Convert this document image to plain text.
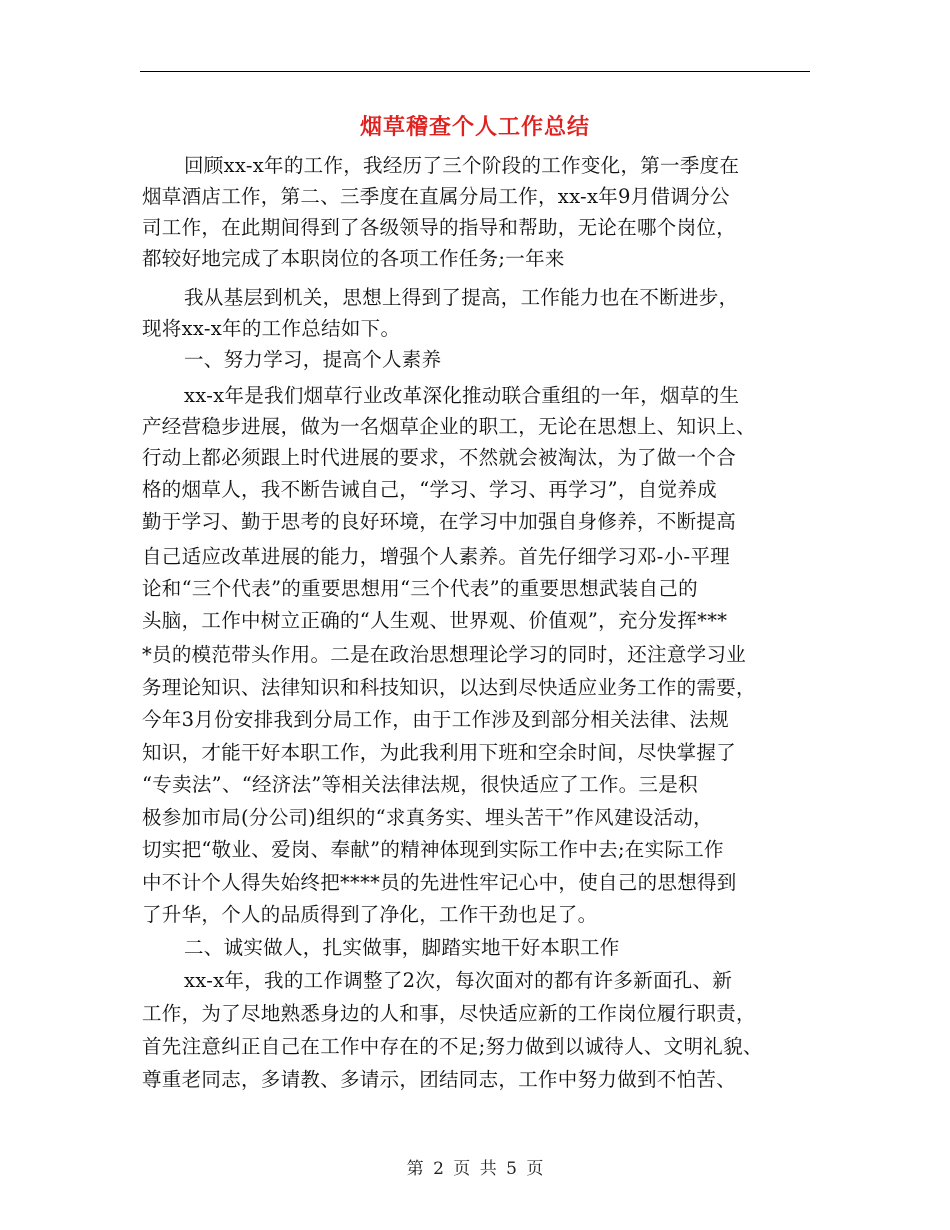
烟草稽查个人工作总结
回顾xx-x年的工作，我经历了三个阶段的工作变化，第一季度在
烟草酒店工作，第二、三季度在直属分局工作，xx-x年9月借调分公
司工作，在此期间得到了各级领导的指导和帮助，无论在哪个岗位，
都较好地完成了本职岗位的各项工作任务;一年来
我从基层到机关，思想上得到了提高，工作能力也在不断进步，
现将xx-x年的工作总结如下。
一、努力学习，提高个人素养
xx-x年是我们烟草行业改革深化推动联合重组的一年，烟草的生
产经营稳步进展，做为一名烟草企业的职工，无论在思想上、知识上、
行动上都必须跟上时代进展的要求，不然就会被淘汰，为了做一个合
格的烟草人，我不断告诫自己，“学习、学习、再学习”，自觉养成
勤于学习、勤于思考的良好环境，在学习中加强自身修养，不断提高
自己适应改革进展的能力，增强个人素养。首先仔细学习邓-小-平理
论和“三个代表”的重要思想用“三个代表”的重要思想武装自己的
头脑，工作中树立正确的“人生观、世界观、价值观”，充分发挥***
*员的模范带头作用。二是在政治思想理论学习的同时，还注意学习业
务理论知识、法律知识和科技知识，以达到尽快适应业务工作的需要，
今年3月份安排我到分局工作，由于工作涉及到部分相关法律、法规
知识，才能干好本职工作，为此我利用下班和空余时间，尽快掌握了
“专卖法”、“经济法”等相关法律法规，很快适应了工作。三是积
极参加市局(分公司)组织的“求真务实、埋头苦干”作风建设活动，
切实把“敬业、爱岗、奉献”的精神体现到实际工作中去;在实际工作
中不计个人得失始终把****员的先进性牢记心中，使自己的思想得到
了升华，个人的品质得到了净化，工作干劲也足了。
二、诚实做人，扎实做事，脚踏实地干好本职工作
xx-x年，我的工作调整了2次，每次面对的都有许多新面孔、新
工作，为了尽地熟悉身边的人和事，尽快适应新的工作岗位履行职责，
首先注意纠正自己在工作中存在的不足;努力做到以诚待人、文明礼貌、
尊重老同志，多请教、多请示，团结同志，工作中努力做到不怕苦、
第 2 页 共 5 页
